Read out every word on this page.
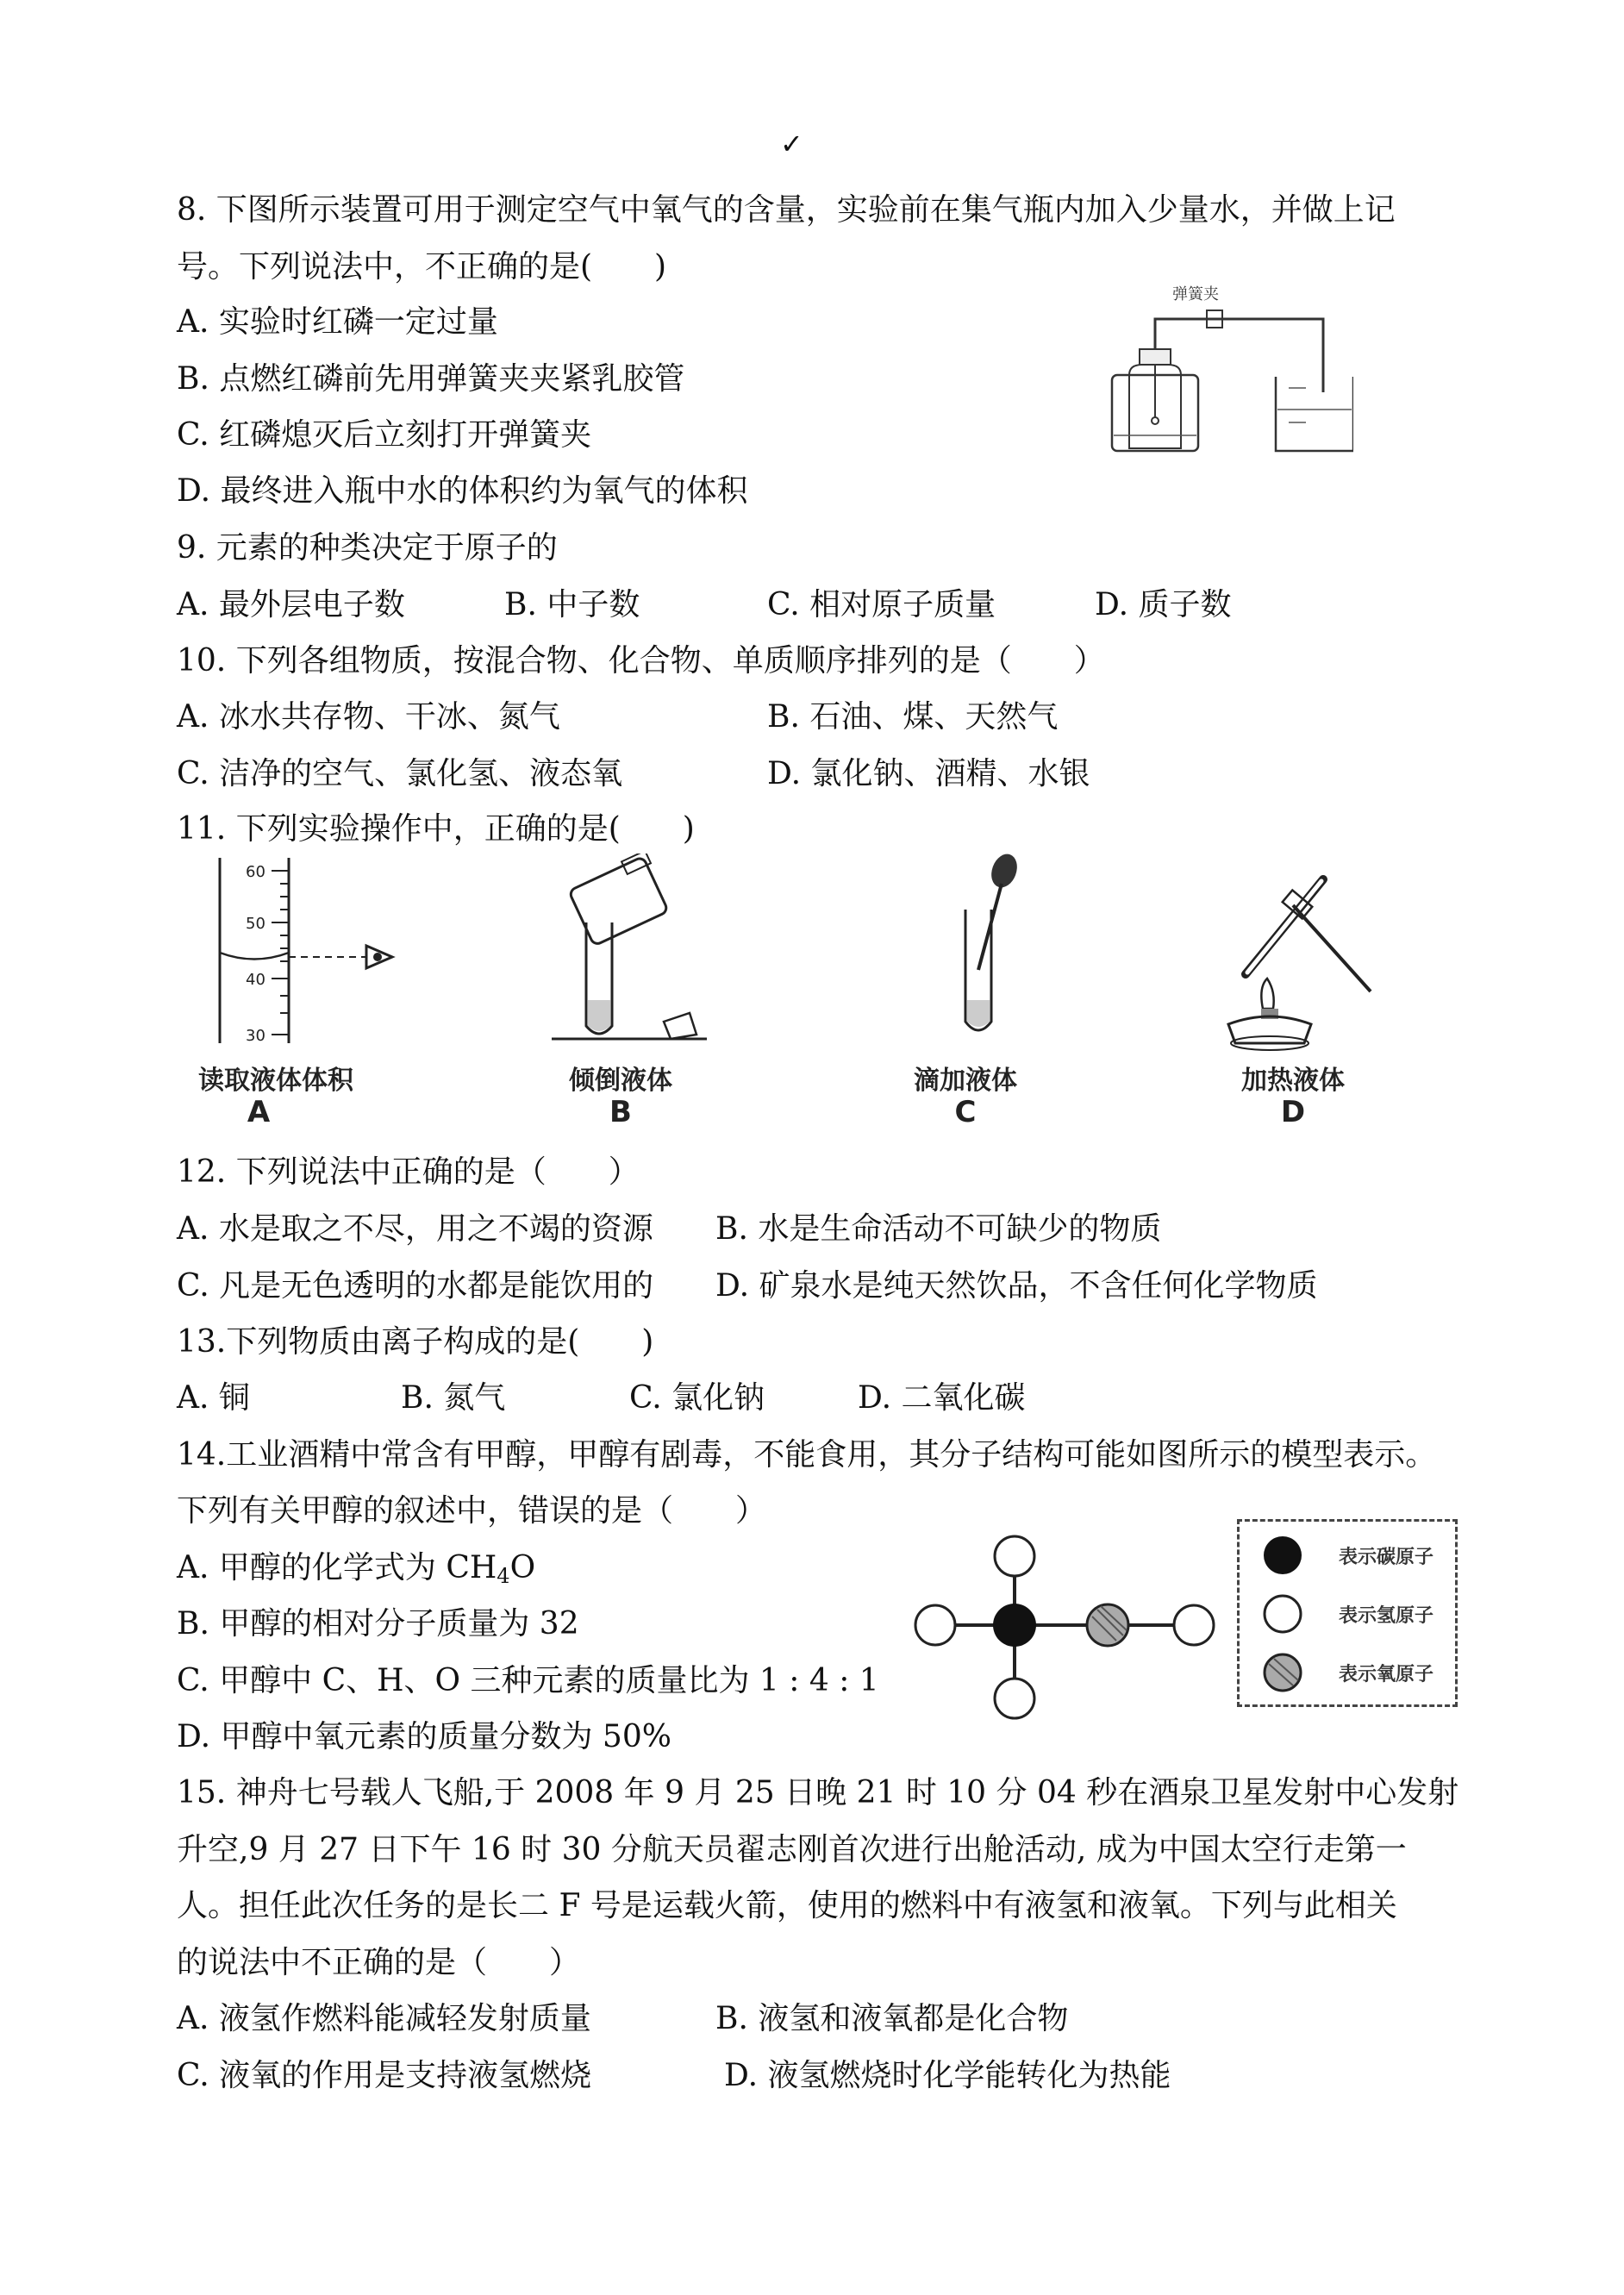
✓
8. 下图所示装置可用于测定空气中氧气的含量，实验前在集气瓶内加入少量水，并做上记
号。下列说法中，不正确的是(　　)
A. 实验时红磷一定过量
B. 点燃红磷前先用弹簧夹夹紧乳胶管
C. 红磷熄灭后立刻打开弹簧夹
D. 最终进入瓶中水的体积约为氧气的体积
弹簧夹
9. 元素的种类决定于原子的
A. 最外层电子数	B. 中子数	C. 相对原子质量	D. 质子数
10. 下列各组物质，按混合物、化合物、单质顺序排列的是（　　）
A. 冰水共存物、干冰、氮气	B. 石油、煤、天然气
C. 洁净的空气、氯化氢、液态氧	D. 氯化钠、酒精、水银
11. 下列实验操作中，正确的是(　　)
60
50
40
30
读取液体体积
A
倾倒液体
B
滴加液体
C
加热液体
D
12. 下列说法中正确的是（　　）
A. 水是取之不尽，用之不竭的资源 B. 水是生命活动不可缺少的物质
C. 凡是无色透明的水都是能饮用的 D. 矿泉水是纯天然饮品，不含任何化学物质
13.下列物质由离子构成的是(　　)
A. 铜	B. 氮气	C. 氯化钠	D. 二氧化碳
14.工业酒精中常含有甲醇，甲醇有剧毒，不能食用，其分子结构可能如图所示的模型表示。
下列有关甲醇的叙述中，错误的是（　　）
A. 甲醇的化学式为 $CH_4O$
B. 甲醇的相对分子质量为 32
C. 甲醇中 C、H、O 三种元素的质量比为 1 : 4 : 1
D. 甲醇中氧元素的质量分数为 50%
表示碳原子
表示氢原子
表示氧原子
15. 神舟七号载人飞船,于 2008 年 9 月 25 日晚 21 时 10 分 04 秒在酒泉卫星发射中心发射
升空,9 月 27 日下午 16 时 30 分航天员翟志刚首次进行出舱活动, 成为中国太空行走第一
人。担任此次任务的是长二 F 号是运载火箭，使用的燃料中有液氢和液氧。下列与此相关
的说法中不正确的是（　　）
A. 液氢作燃料能减轻发射质量	B. 液氢和液氧都是化合物
C. 液氧的作用是支持液氢燃烧	D. 液氢燃烧时化学能转化为热能
